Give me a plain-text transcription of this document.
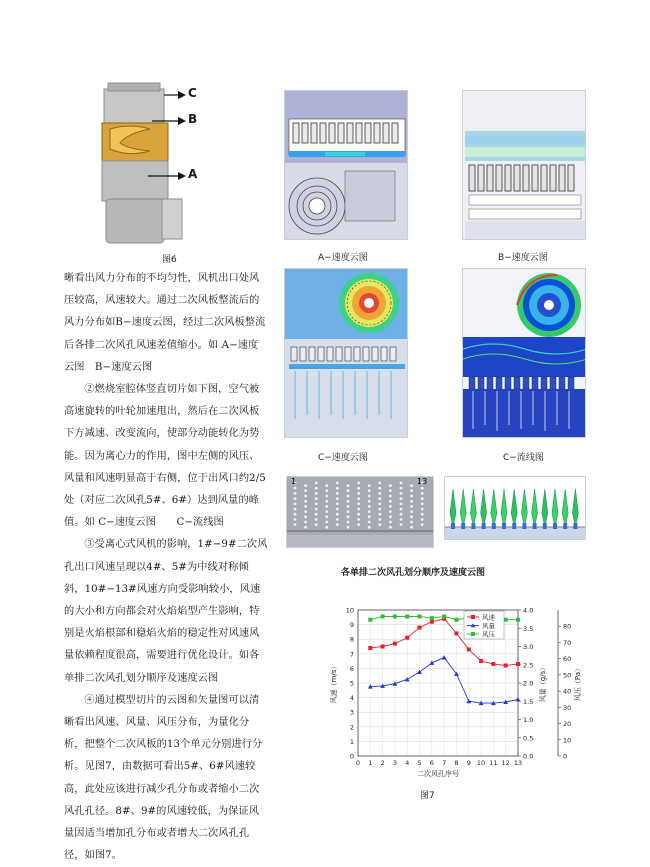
C
B
A
图6

晰看出风力分布的不均匀性，风机出口处风压较高，风速较大。通过二次风板整流后的风力分布如B−速度云图，经过二次风板整流后各排二次风孔风速差值缩小。如 A−速度云图　B−速度云图

②燃烧室腔体竖直切片如下图，空气被高速旋转的叶轮加速甩出，然后在二次风板下方减速、改变流向，使部分动能转化为势能。因为离心力的作用，图中左侧的风压、风量和风速明显高于右侧，位于出风口约2/5处（对应二次风孔5#、6#）达到风量的峰值。如 C−速度云图　　C−流线图

③受离心式风机的影响，1#−9#二次风孔出口风速呈现以4#、5#为中线对称倾斜，10#−13#风速方向受影响较小，风速的大小和方向都会对火焰焰型产生影响，特别是火焰根部和稳焰火焰的稳定性对风速风量依赖程度很高，需要进行优化设计。如各单排二次风孔划分顺序及速度云图

④通过模型切片的云图和矢量图可以清晰看出风速、风量、风压分布，为量化分析，把整个二次风板的13个单元分别进行分析。见图7，由数据可看出5#、6#风速较高，此处应该进行减少孔分布或者缩小二次风孔孔径。8#、9#的风速较低，为保证风量因适当增加孔分布或者增大二次风孔孔径，如图7。

A−速度云图	B−速度云图
C−速度云图	C−流线图
1	13
各单排二次风孔划分顺序及速度云图
0
1
2
3
4
5
6
7
8
9
10
0.0
0.5
1.0
1.5
2.0
2.5
3.0
3.5
4.0
0
10
20
30
40
50
60
70
80
0 1 2 3 4 5 6 7 8 9 10 11 12 13
二次风孔序号
风速（m/s）	风量（g/s）	风压（Pa）
风速
风量
风压
图7
